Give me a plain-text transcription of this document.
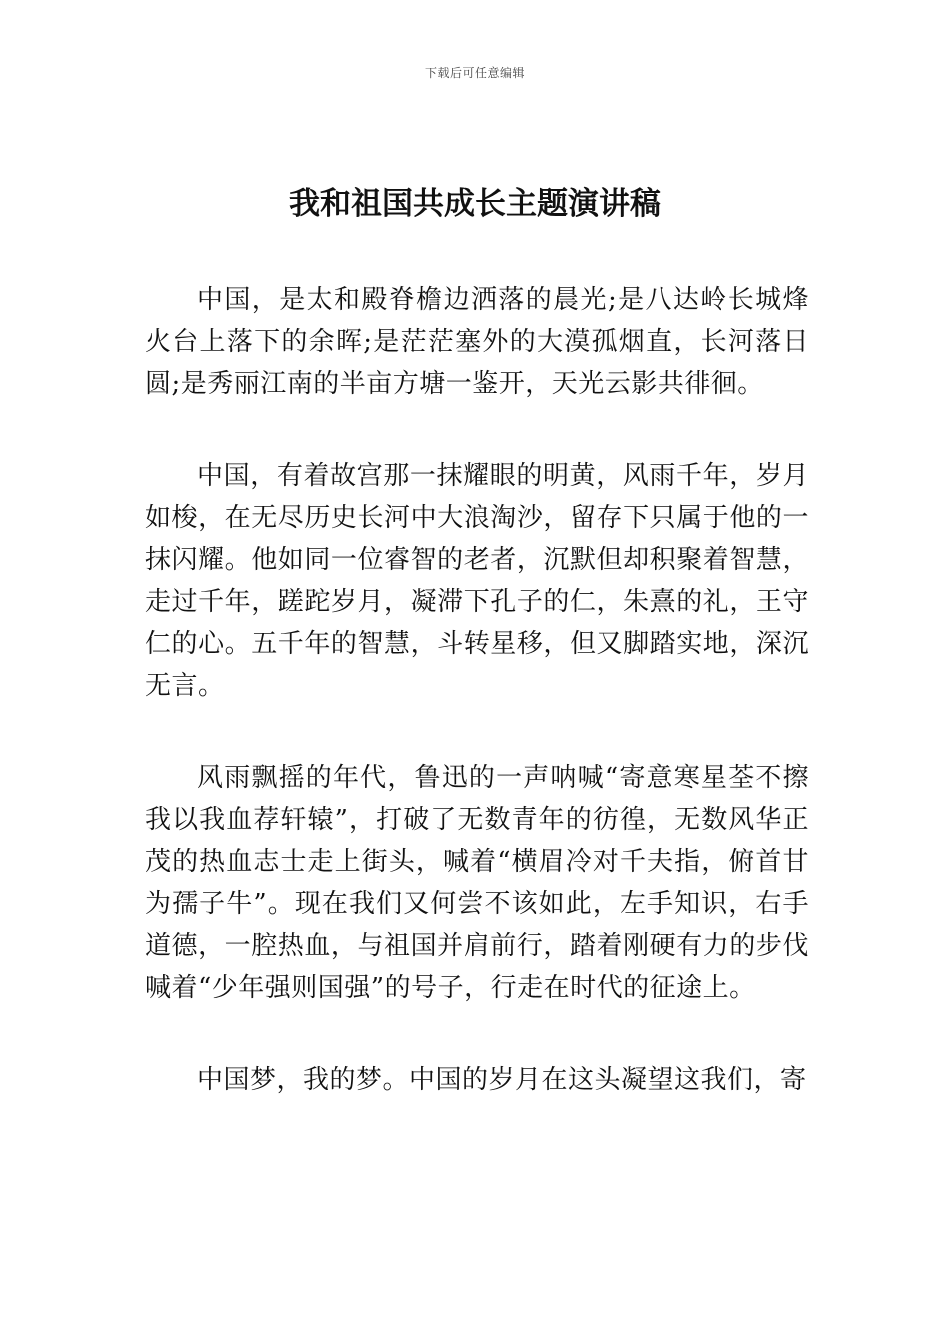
下载后可任意编辑
我和祖国共成长主题演讲稿

中国，是太和殿脊檐边洒落的晨光;是八达岭长城烽火台上落下的余晖;是茫茫塞外的大漠孤烟直，长河落日圆;是秀丽江南的半亩方塘一鉴开，天光云影共徘徊。

中国，有着故宫那一抹耀眼的明黄，风雨千年，岁月如梭，在无尽历史长河中大浪淘沙，留存下只属于他的一抹闪耀。他如同一位睿智的老者，沉默但却积聚着智慧，走过千年，蹉跎岁月，凝滞下孔子的仁，朱熹的礼，王守仁的心。五千年的智慧，斗转星移，但又脚踏实地，深沉无言。

风雨飘摇的年代，鲁迅的一声呐喊“寄意寒星荃不擦我以我血荐轩辕”，打破了无数青年的彷徨，无数风华正茂的热血志士走上街头，喊着“横眉冷对千夫指，俯首甘为孺子牛”。现在我们又何尝不该如此，左手知识，右手道德，一腔热血，与祖国并肩前行，踏着刚硬有力的步伐喊着“少年强则国强”的号子，行走在时代的征途上。

中国梦，我的梦。中国的岁月在这头凝望这我们，寄
